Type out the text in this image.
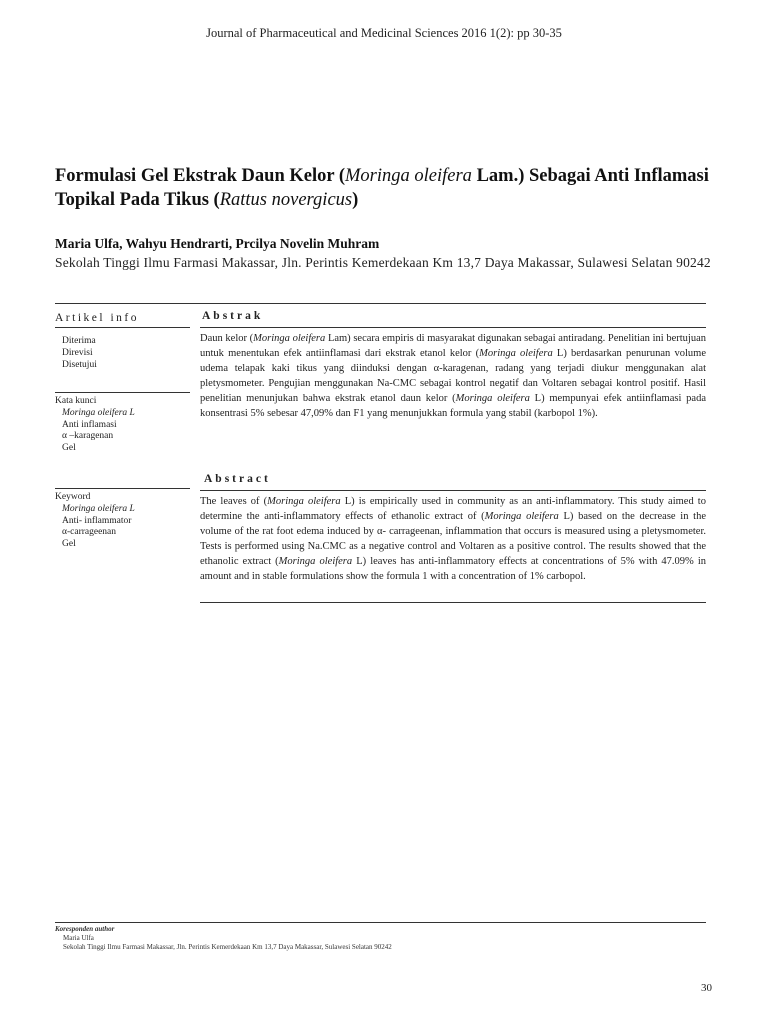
Journal of Pharmaceutical and Medicinal Sciences 2016 1(2): pp 30-35
Formulasi Gel Ekstrak Daun Kelor (Moringa oleifera Lam.) Sebagai Anti Inflamasi Topikal Pada Tikus (Rattus novergicus)
Maria Ulfa, Wahyu Hendrarti, Prcilya Novelin Muhram
Sekolah Tinggi Ilmu Farmasi Makassar, Jln. Perintis Kemerdekaan Km 13,7 Daya Makassar, Sulawesi Selatan 90242
Artikel info
Diterima
Direvisi
Disetujui
Kata kunci
Moringa oleifera L
Anti inflamasi
α –karagenan
Gel
Keyword
Moringa oleifera L
Anti- inflammator
α-carrageenan
Gel
Abstrak
Daun kelor (Moringa oleifera Lam) secara empiris di masyarakat digunakan sebagai antiradang. Penelitian ini bertujuan untuk menentukan efek antiinflamasi dari ekstrak etanol kelor (Moringa oleifera L) berdasarkan penurunan volume udema telapak kaki tikus yang diinduksi dengan α-karagenan, radang yang terjadi diukur menggunakan alat pletysmometer. Pengujian menggunakan Na-CMC sebagai kontrol negatif dan Voltaren sebagai kontrol positif. Hasil penelitian menunjukan bahwa ekstrak etanol daun kelor (Moringa oleifera L) mempunyai efek antiinflamasi pada konsentrasi 5% sebesar 47,09% dan F1 yang menunjukkan formula yang stabil (karbopol 1%).
Abstract
The leaves of (Moringa oleifera L) is empirically used in community as an anti-inflammatory. This study aimed to determine the anti-inflammatory effects of ethanolic extract of (Moringa oleifera L) based on the decrease in the volume of the rat foot edema induced by α- carrageenan, inflammation that occurs is measured using a pletysmometer. Tests is performed using Na.CMC as a negative control and Voltaren as a positive control. The results showed that the ethanolic extract (Moringa oleifera L) leaves has anti-inflammatory effects at concentrations of 5% with 47.09% in amount and in stable formulations show the formula 1 with a concentration of 1% carbopol.
Koresponden author
Maria Ulfa
Sekolah Tinggi Ilmu Farmasi Makassar, Jln. Perintis Kemerdekaan Km 13,7 Daya Makassar, Sulawesi Selatan 90242
30
